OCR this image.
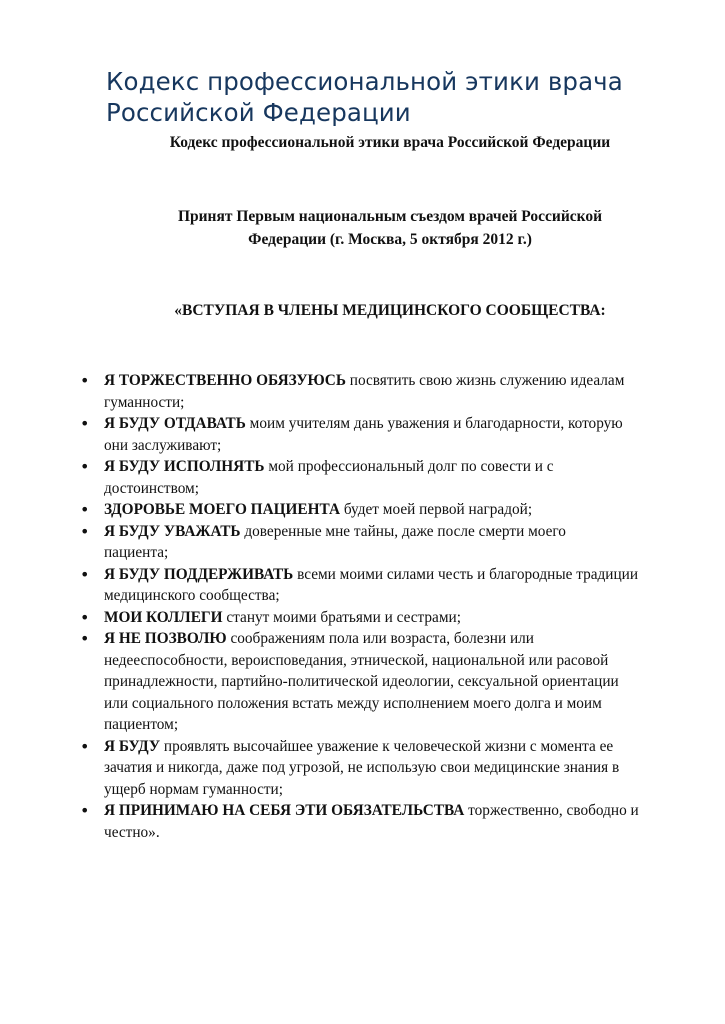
Кодекс профессиональной этики врача
Российской Федерации

Кодекс профессиональной этики врача Российской Федерации

Принят Первым национальным съездом врачей Российской
Федерации (г. Москва, 5 октября 2012 г.)

«ВСТУПАЯ В ЧЛЕНЫ МЕДИЦИНСКОГО СООБЩЕСТВА:

• Я ТОРЖЕСТВЕННО ОБЯЗУЮСЬ посвятить свою жизнь служению идеалам
гуманности;
• Я БУДУ ОТДАВАТЬ моим учителям дань уважения и благодарности, которую
они заслуживают;
• Я БУДУ ИСПОЛНЯТЬ мой профессиональный долг по совести и с
достоинством;
• ЗДОРОВЬЕ МОЕГО ПАЦИЕНТА будет моей первой наградой;
• Я БУДУ УВАЖАТЬ доверенные мне тайны, даже после смерти моего
пациента;
• Я БУДУ ПОДДЕРЖИВАТЬ всеми моими силами честь и благородные традиции
медицинского сообщества;
• МОИ КОЛЛЕГИ станут моими братьями и сестрами;
• Я НЕ ПОЗВОЛЮ соображениям пола или возраста, болезни или
недееспособности, вероисповедания, этнической, национальной или расовой
принадлежности, партийно-политической идеологии, сексуальной ориентации
или социального положения встать между исполнением моего долга и моим
пациентом;
• Я БУДУ проявлять высочайшее уважение к человеческой жизни с момента ее
зачатия и никогда, даже под угрозой, не использую свои медицинские знания в
ущерб нормам гуманности;
• Я ПРИНИМАЮ НА СЕБЯ ЭТИ ОБЯЗАТЕЛЬСТВА торжественно, свободно и
честно».
